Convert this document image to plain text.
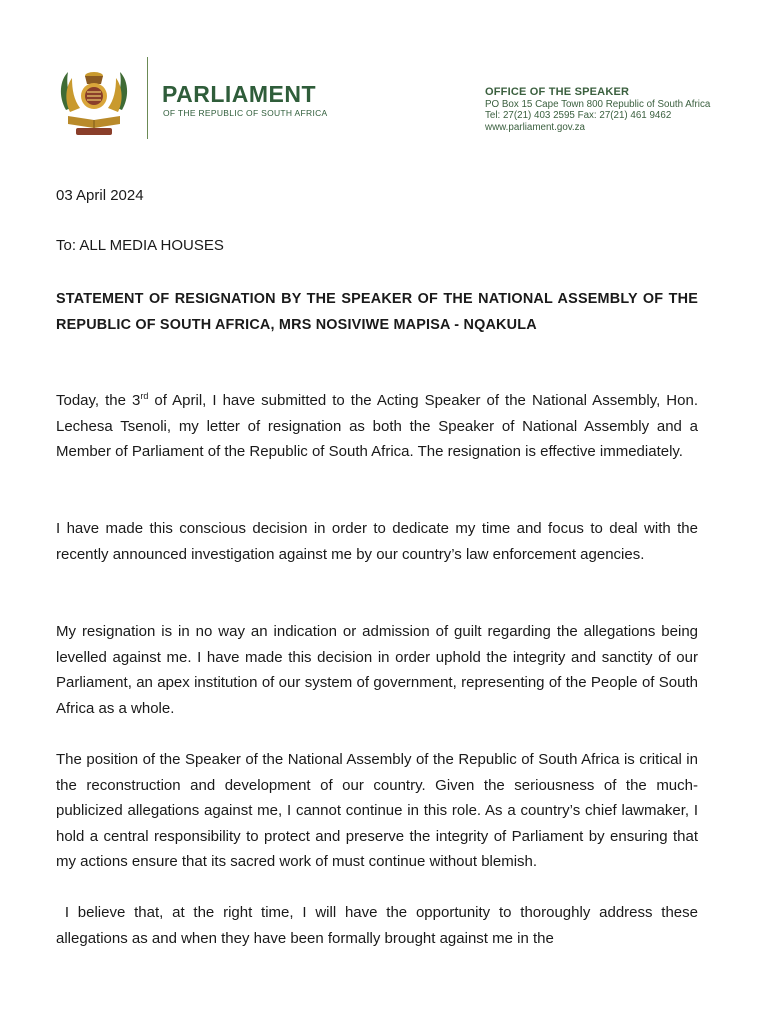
PARLIAMENT
OF THE REPUBLIC OF SOUTH AFRICA
OFFICE OF THE SPEAKER
PO Box 15 Cape Town 800 Republic of South Africa
Tel: 27(21) 403 2595 Fax: 27(21) 461 9462
www.parliament.gov.za
03 April 2024
To: ALL MEDIA HOUSES
STATEMENT OF RESIGNATION BY THE SPEAKER OF THE NATIONAL ASSEMBLY OF THE REPUBLIC OF SOUTH AFRICA, MRS NOSIVIWE MAPISA - NQAKULA
Today, the 3rd of April, I have submitted to the Acting Speaker of the National Assembly, Hon. Lechesa Tsenoli, my letter of resignation as both the Speaker of National Assembly and a Member of Parliament of the Republic of South Africa. The resignation is effective immediately.
I have made this conscious decision in order to dedicate my time and focus to deal with the recently announced investigation against me by our country’s law enforcement agencies.
My resignation is in no way an indication or admission of guilt regarding the allegations being levelled against me. I have made this decision in order uphold the integrity and sanctity of our Parliament, an apex institution of our system of government, representing of the People of South Africa as a whole.
The position of the Speaker of the National Assembly of the Republic of South Africa is critical in the reconstruction and development of our country. Given the seriousness of the much-publicized allegations against me, I cannot continue in this role. As a country’s chief lawmaker, I hold a central responsibility to protect and preserve the integrity of Parliament by ensuring that my actions ensure that its sacred work of must continue without blemish.
I believe that, at the right time, I will have the opportunity to thoroughly address these allegations as and when they have been formally brought against me in the
